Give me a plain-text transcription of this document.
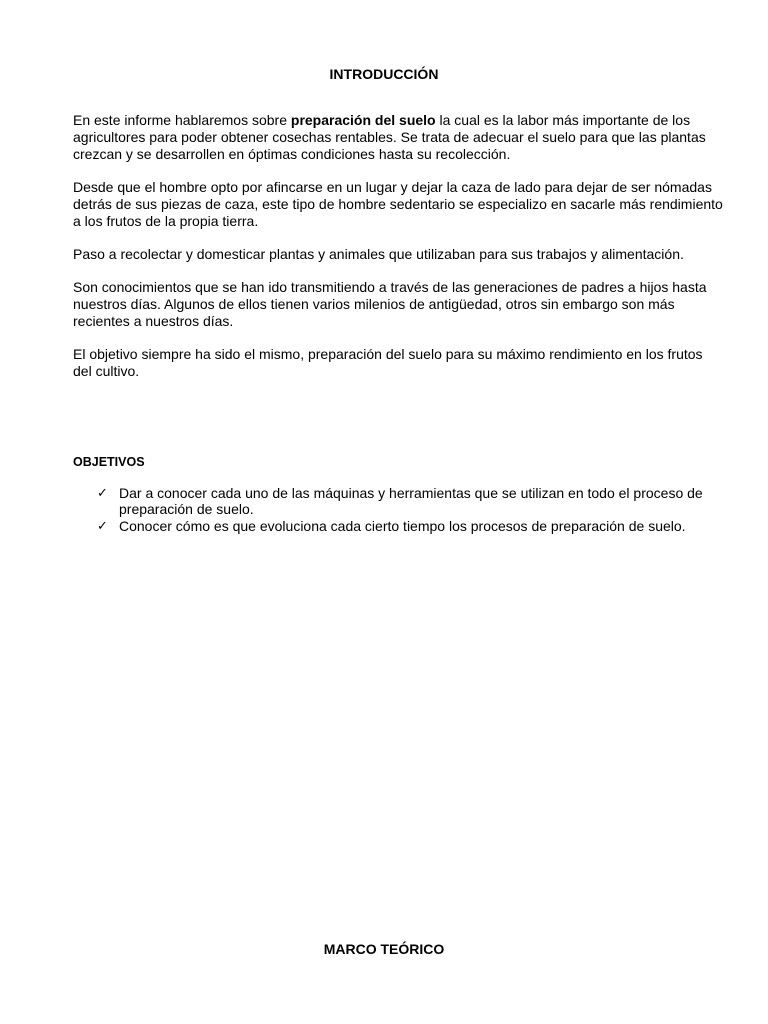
INTRODUCCIÓN

En este informe hablaremos sobre preparación del suelo la cual es la labor más importante de los agricultores para poder obtener cosechas rentables. Se trata de adecuar el suelo para que las plantas crezcan y se desarrollen en óptimas condiciones hasta su recolección.

Desde que el hombre opto por afincarse en un lugar y dejar la caza de lado para dejar de ser nómadas detrás de sus piezas de caza, este tipo de hombre sedentario se especializo en sacarle más rendimiento a los frutos de la propia tierra.

Paso a recolectar y domesticar plantas y animales que utilizaban para sus trabajos y alimentación.

Son conocimientos que se han ido transmitiendo a través de las generaciones de padres a hijos hasta nuestros días. Algunos de ellos tienen varios milenios de antigüedad, otros sin embargo son más recientes a nuestros días.

El objetivo siempre ha sido el mismo, preparación del suelo para su máximo rendimiento en los frutos del cultivo.

OBJETIVOS
✓ Dar a conocer cada uno de las máquinas y herramientas que se utilizan en todo el proceso de preparación de suelo.
✓ Conocer cómo es que evoluciona cada cierto tiempo los procesos de preparación de suelo.
MARCO TEÓRICO
